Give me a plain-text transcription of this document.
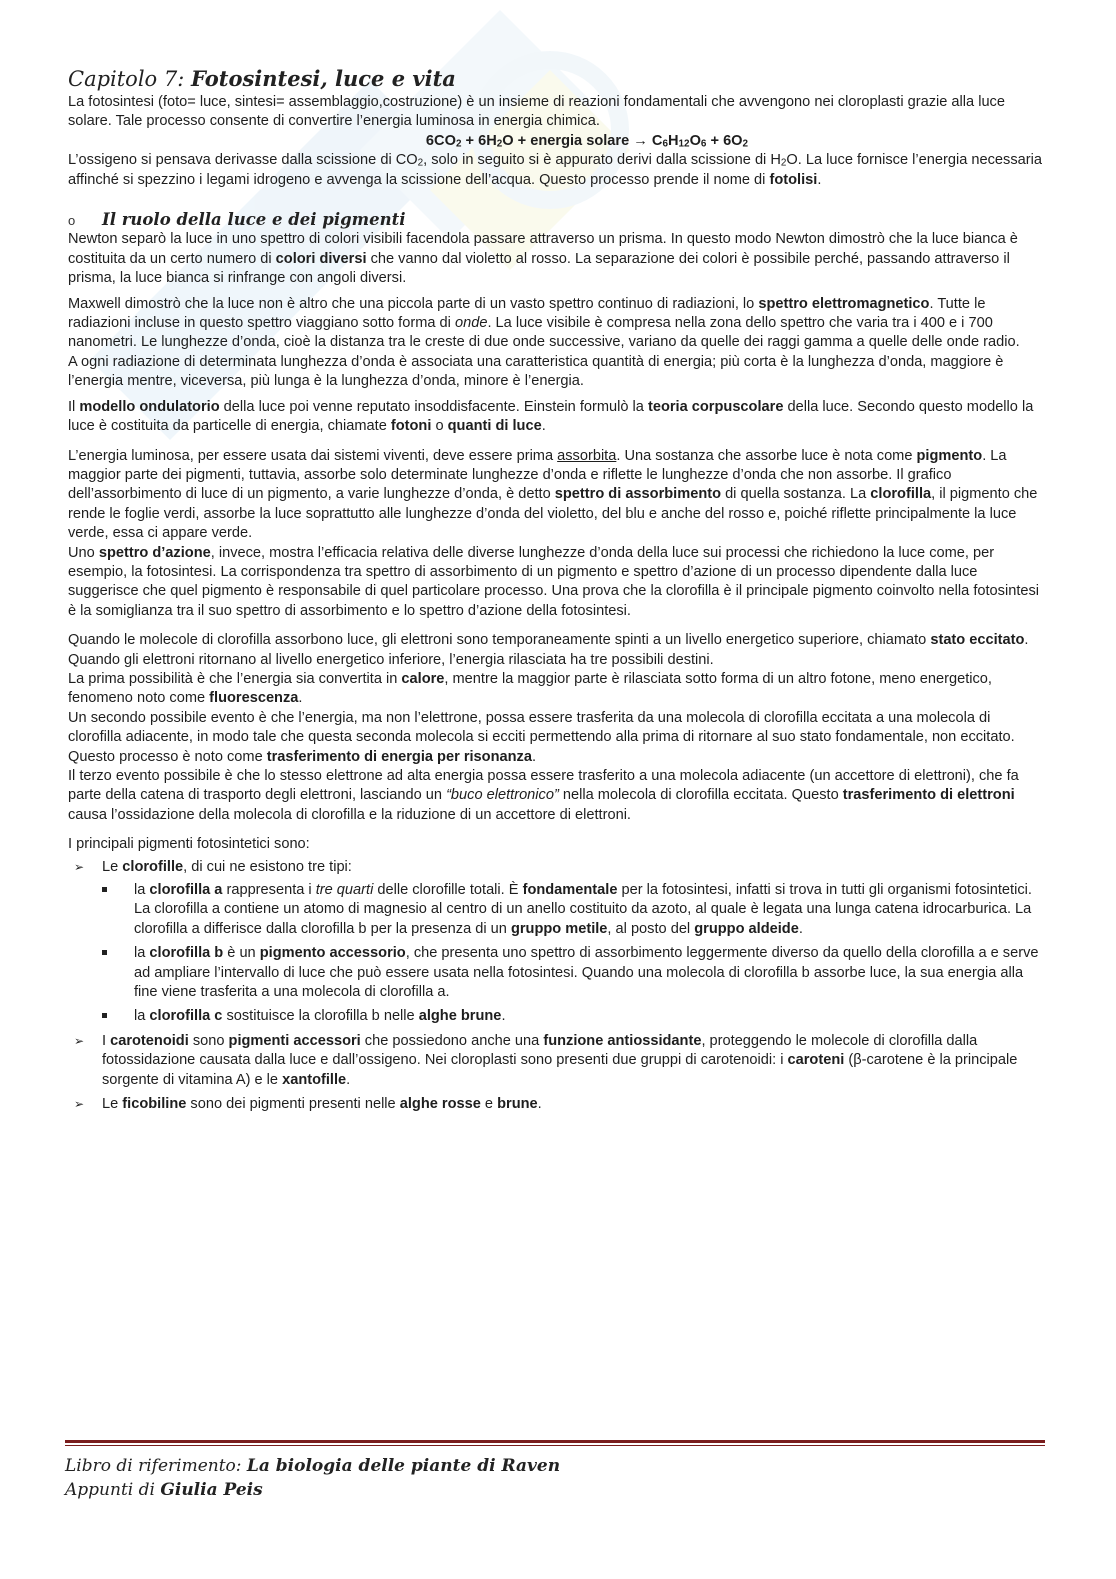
Capitolo 7: Fotosintesi, luce e vita

La fotosintesi (foto= luce, sintesi= assemblaggio,costruzione) è un insieme di reazioni fondamentali che avvengono nei cloroplasti grazie alla luce solare. Tale processo consente di convertire l’energia luminosa in energia chimica.

$6CO_2 + 6H_2O$ + energia solare → $C_6H_{12}O_6 + 6O_2$

L’ossigeno si pensava derivasse dalla scissione di $CO_2$, solo in seguito si è appurato derivi dalla scissione di $H_2O$. La luce fornisce l’energia necessaria affinché si spezzino i legami idrogeno e avvenga la scissione dell’acqua. Questo processo prende il nome di fotolisi.

o	Il ruolo della luce e dei pigmenti

Newton separò la luce in uno spettro di colori visibili facendola passare attraverso un prisma. In questo modo Newton dimostrò che la luce bianca è costituita da un certo numero di colori diversi che vanno dal violetto al rosso. La separazione dei colori è possibile perché, passando attraverso il prisma, la luce bianca si rinfrange con angoli diversi.

Maxwell dimostrò che la luce non è altro che una piccola parte di un vasto spettro continuo di radiazioni, lo spettro elettromagnetico. Tutte le radiazioni incluse in questo spettro viaggiano sotto forma di onde. La luce visibile è compresa nella zona dello spettro che varia tra i 400 e i 700 nanometri. Le lunghezze d’onda, cioè la distanza tra le creste di due onde successive, variano da quelle dei raggi gamma a quelle delle onde radio.

A ogni radiazione di determinata lunghezza d’onda è associata una caratteristica quantità di energia; più corta è la lunghezza d’onda, maggiore è l’energia mentre, viceversa, più lunga è la lunghezza d’onda, minore è l’energia.

Il modello ondulatorio della luce poi venne reputato insoddisfacente. Einstein formulò la teoria corpuscolare della luce. Secondo questo modello la luce è costituita da particelle di energia, chiamate fotoni o quanti di luce.

L’energia luminosa, per essere usata dai sistemi viventi, deve essere prima assorbita. Una sostanza che assorbe luce è nota come pigmento. La maggior parte dei pigmenti, tuttavia, assorbe solo determinate lunghezze d’onda e riflette le lunghezze d’onda che non assorbe. Il grafico dell’assorbimento di luce di un pigmento, a varie lunghezze d’onda, è detto spettro di assorbimento di quella sostanza. La clorofilla, il pigmento che rende le foglie verdi, assorbe la luce soprattutto alle lunghezze d’onda del violetto, del blu e anche del rosso e, poiché riflette principalmente la luce verde, essa ci appare verde.

Uno spettro d’azione, invece, mostra l’efficacia relativa delle diverse lunghezze d’onda della luce sui processi che richiedono la luce come, per esempio, la fotosintesi. La corrispondenza tra spettro di assorbimento di un pigmento e spettro d’azione di un processo dipendente dalla luce suggerisce che quel pigmento è responsabile di quel particolare processo. Una prova che la clorofilla è il principale pigmento coinvolto nella fotosintesi è la somiglianza tra il suo spettro di assorbimento e lo spettro d’azione della fotosintesi.

Quando le molecole di clorofilla assorbono luce, gli elettroni sono temporaneamente spinti a un livello energetico superiore, chiamato stato eccitato. Quando gli elettroni ritornano al livello energetico inferiore, l’energia rilasciata ha tre possibili destini.

La prima possibilità è che l’energia sia convertita in calore, mentre la maggior parte è rilasciata sotto forma di un altro fotone, meno energetico, fenomeno noto come fluorescenza.

Un secondo possibile evento è che l’energia, ma non l’elettrone, possa essere trasferita da una molecola di clorofilla eccitata a una molecola di clorofilla adiacente, in modo tale che questa seconda molecola si ecciti permettendo alla prima di ritornare al suo stato fondamentale, non eccitato. Questo processo è noto come trasferimento di energia per risonanza.

Il terzo evento possibile è che lo stesso elettrone ad alta energia possa essere trasferito a una molecola adiacente (un accettore di elettroni), che fa parte della catena di trasporto degli elettroni, lasciando un “buco elettronico” nella molecola di clorofilla eccitata. Questo trasferimento di elettroni causa l’ossidazione della molecola di clorofilla e la riduzione di un accettore di elettroni.

I principali pigmenti fotosintetici sono:

➢ Le clorofille, di cui ne esistono tre tipi:
la clorofilla a rappresenta i tre quarti delle clorofille totali. È fondamentale per la fotosintesi, infatti si trova in tutti gli organismi fotosintetici. La clorofilla a contiene un atomo di magnesio al centro di un anello costituito da azoto, al quale è legata una lunga catena idrocarburica. La clorofilla a differisce dalla clorofilla b per la presenza di un gruppo metile, al posto del gruppo aldeide.
la clorofilla b è un pigmento accessorio, che presenta uno spettro di assorbimento leggermente diverso da quello della clorofilla a e serve ad ampliare l’intervallo di luce che può essere usata nella fotosintesi. Quando una molecola di clorofilla b assorbe luce, la sua energia alla fine viene trasferita a una molecola di clorofilla a.
la clorofilla c sostituisce la clorofilla b nelle alghe brune.
➢ I carotenoidi sono pigmenti accessori che possiedono anche una funzione antiossidante, proteggendo le molecole di clorofilla dalla fotossidazione causata dalla luce e dall’ossigeno. Nei cloroplasti sono presenti due gruppi di carotenoidi: i caroteni (β-carotene è la principale sorgente di vitamina A) e le xantofille.
➢ Le ficobiline sono dei pigmenti presenti nelle alghe rosse e brune.
Libro di riferimento: La biologia delle piante di Raven
Appunti di Giulia Peis
